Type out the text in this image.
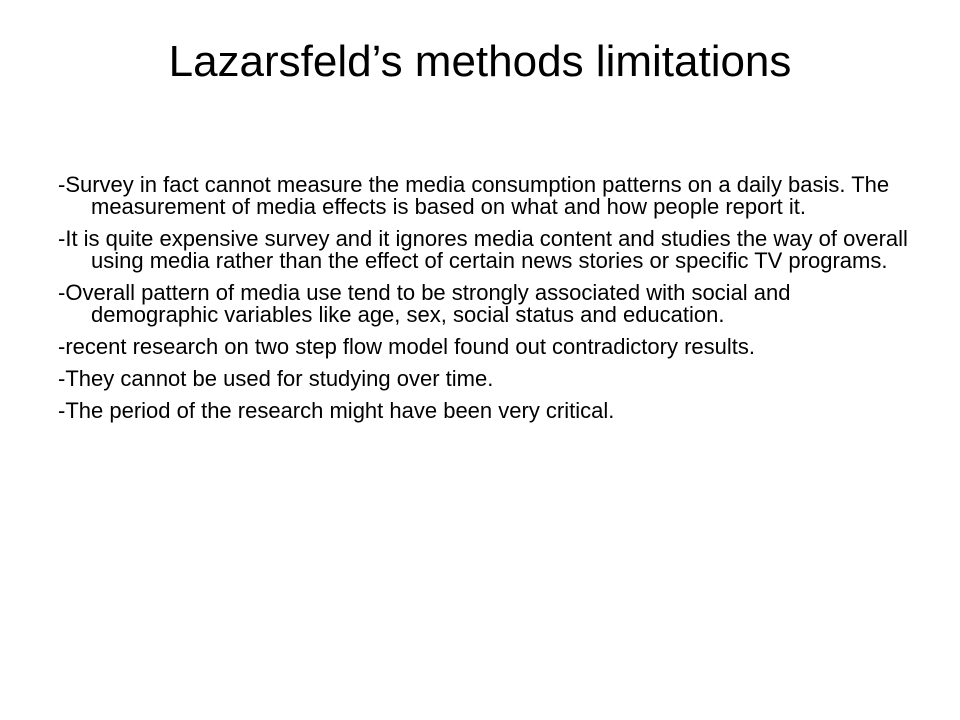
Lazarsfeld’s methods limitations
-Survey in fact cannot measure the media consumption patterns on a daily basis. The measurement of media effects is based on what and how people report it.
-It is quite expensive survey and it ignores media content and studies the way of overall using media rather than the effect of certain news stories or specific TV programs.
-Overall pattern of media use tend to be strongly associated with social and demographic variables like age, sex, social status and education.
-recent research on two step flow model found out contradictory results.
-They cannot be used for studying over time.
-The period of the research might have been very critical.
